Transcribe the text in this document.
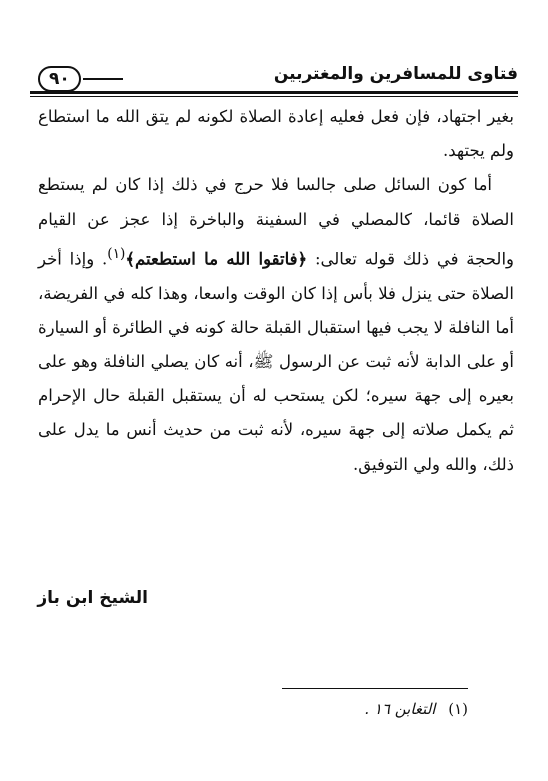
فتاوى للمسافرين والمغتربين
٩٠

بغير اجتهاد، فإن فعل فعليه إعادة الصلاة لكونه لم يتق الله ما استطاع ولم يجتهد.

أما كون السائل صلى جالسا فلا حرج في ذلك إذا كان لم يستطع الصلاة قائما، كالمصلي في السفينة والباخرة إذا عجز عن القيام والحجة في ذلك قوله تعالى: ﴿فاتقوا الله ما استطعتم﴾$^{(١)}$. وإذا أخر الصلاة حتى ينزل فلا بأس إذا كان الوقت واسعا، وهذا كله في الفريضة، أما النافلة لا يجب فيها استقبال القبلة حالة كونه في الطائرة أو السيارة أو على الدابة لأنه ثبت عن الرسول ﷺ، أنه كان يصلي النافلة وهو على بعيره إلى جهة سيره؛ لكن يستحب له أن يستقبل القبلة حال الإحرام ثم يكمل صلاته إلى جهة سيره، لأنه ثبت من حديث أنس ما يدل على ذلك، والله ولي التوفيق.

الشيخ ابن باز
(١) التغابن ١٦ .
